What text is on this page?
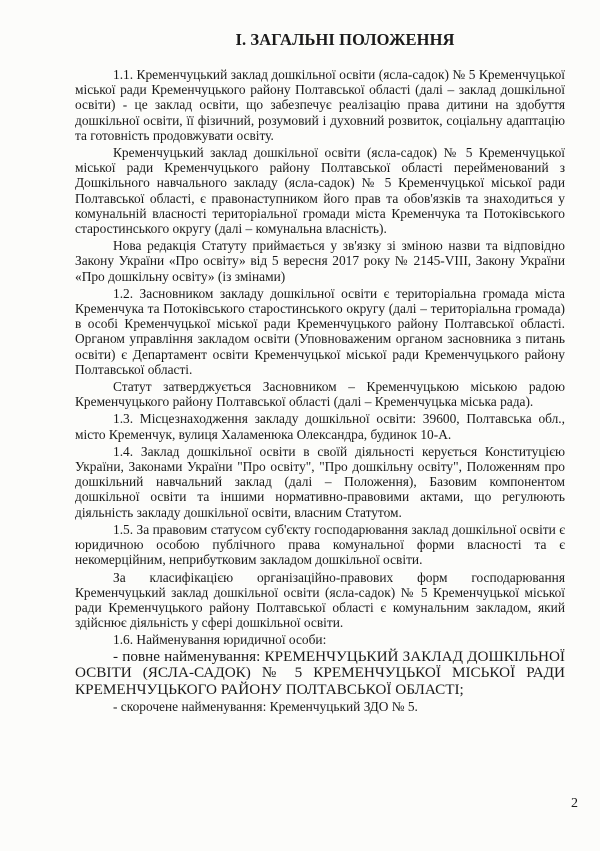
I. ЗАГАЛЬНІ ПОЛОЖЕННЯ

1.1. Кременчуцький заклад дошкільної освіти (ясла-садок) № 5 Кременчуцької міської ради Кременчуцького району Полтавської області (далі – заклад дошкільної освіти) - це заклад освіти, що забезпечує реалізацію права дитини на здобуття дошкільної освіти, її фізичний, розумовий і духовний розвиток, соціальну адаптацію та готовність продовжувати освіту.

Кременчуцький заклад дошкільної освіти (ясла-садок) № 5 Кременчуцької міської ради Кременчуцького району Полтавської області перейменований з Дошкільного навчального закладу (ясла-садок) № 5 Кременчуцької міської ради Полтавської області, є правонаступником його прав та обов'язків та знаходиться у комунальній власності територіальної громади міста Кременчука та Потоківського старостинського округу (далі – комунальна власність).

Нова редакція Статуту приймається у зв'язку зі зміною назви та відповідно Закону України «Про освіту» від 5 вересня 2017 року № 2145-VIII, Закону України «Про дошкільну освіту» (із змінами)

1.2. Засновником закладу дошкільної освіти є територіальна громада міста Кременчука та Потоківського старостинського округу (далі – територіальна громада) в особі Кременчуцької міської ради Кременчуцького району Полтавської області. Органом управління закладом освіти (Уповноваженим органом засновника з питань освіти) є Департамент освіти Кременчуцької міської ради Кременчуцького району Полтавської області.

Статут затверджується Засновником – Кременчуцькою міською радою Кременчуцького району Полтавської області (далі – Кременчуцька міська рада).

1.3. Місцезнаходження закладу дошкільної освіти: 39600, Полтавська обл., місто Кременчук, вулиця Халаменюка Олександра, будинок 10-А.

1.4. Заклад дошкільної освіти в своїй діяльності керується Конституцією України, Законами України "Про освіту", "Про дошкільну освіту", Положенням про дошкільний навчальний заклад (далі – Положення), Базовим компонентом дошкільної освіти та іншими нормативно-правовими актами, що регулюють діяльність закладу дошкільної освіти, власним Статутом.

1.5. За правовим статусом суб'єкту господарювання заклад дошкільної освіти є юридичною особою публічного права комунальної форми власності та є некомерційним, неприбутковим закладом дошкільної освіти.

За класифікацією організаційно-правових форм господарювання Кременчуцький заклад дошкільної освіти (ясла-садок) № 5 Кременчуцької міської ради Кременчуцького району Полтавської області є комунальним закладом, який здійснює діяльність у сфері дошкільної освіти.

1.6. Найменування юридичної особи:

- повне найменування: КРЕМЕНЧУЦЬКИЙ ЗАКЛАД ДОШКІЛЬНОЇ ОСВІТИ (ЯСЛА-САДОК) № 5 КРЕМЕНЧУЦЬКОЇ МІСЬКОЇ РАДИ КРЕМЕНЧУЦЬКОГО РАЙОНУ ПОЛТАВСЬКОЇ ОБЛАСТІ;

- скорочене найменування: Кременчуцький ЗДО № 5.

2
